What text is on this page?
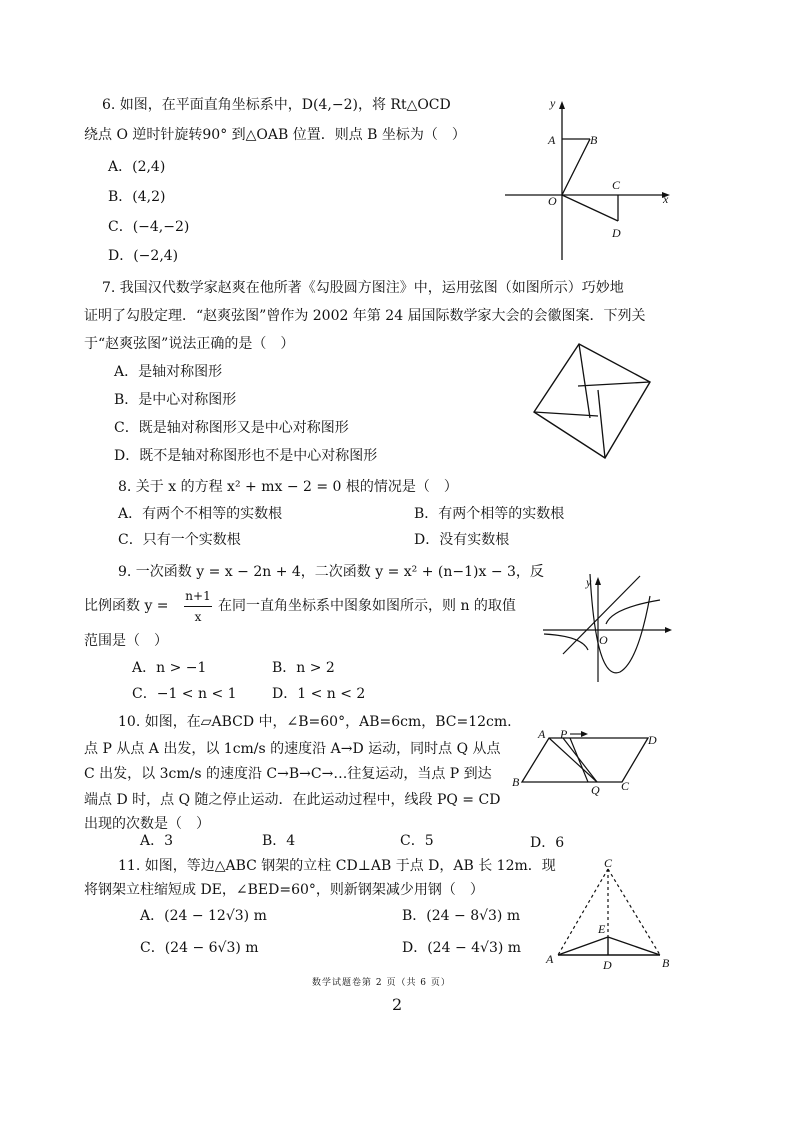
6. 如图，在平面直角坐标系中，D(4,−2)，将 Rt△OCD
绕点 O 逆时针旋转90° 到△OAB 位置．则点 B 坐标为（　）
A．(2,4)
B．(4,2)
C．(−4,−2)
D．(−2,4)
y
x
A	B
O
C
D
7. 我国汉代数学家赵爽在他所著《勾股圆方图注》中，运用弦图（如图所示）巧妙地
证明了勾股定理．“赵爽弦图”曾作为 2002 年第 24 届国际数学家大会的会徽图案．下列关
于“赵爽弦图”说法正确的是（　）
A．是轴对称图形
B．是中心对称图形
C．既是轴对称图形又是中心对称图形
D．既不是轴对称图形也不是中心对称图形
8. 关于 x 的方程 x² + mx − 2 = 0 根的情况是（　）
A．有两个不相等的实数根	B．有两个相等的实数根
C．只有一个实数根	D．没有实数根
9. 一次函数 y = x − 2n + 4，二次函数 y = x² + (n−1)x − 3，反
比例函数 y =
n+1
x
在同一直角坐标系中图象如图所示，则 n 的取值
范围是（　）
A．n > −1	B．n > 2
C．−1 < n < 1	D．1 < n < 2
y
O
10. 如图，在▱ABCD 中，∠B=60°，AB=6cm，BC=12cm.
点 P 从点 A 出发，以 1cm/s 的速度沿 A→D 运动，同时点 Q 从点
C 出发，以 3cm/s 的速度沿 C→B→C→…往复运动，当点 P 到达
端点 D 时，点 Q 随之停止运动．在此运动过程中，线段 PQ = CD
出现的次数是（　）
A．3	B．4	C．5	D．6
A P	D
B
Q C
11. 如图，等边△ABC 钢架的立柱 CD⊥AB 于点 D，AB 长 12m．现
将钢架立柱缩短成 DE，∠BED=60°，则新钢架减少用钢（　）
A．(24 − 12√3) m	B．(24 − 8√3) m
C．(24 − 6√3) m	D．(24 − 4√3) m
C
E
A	D	B
数学试题卷第 2 页（共 6 页）
2
